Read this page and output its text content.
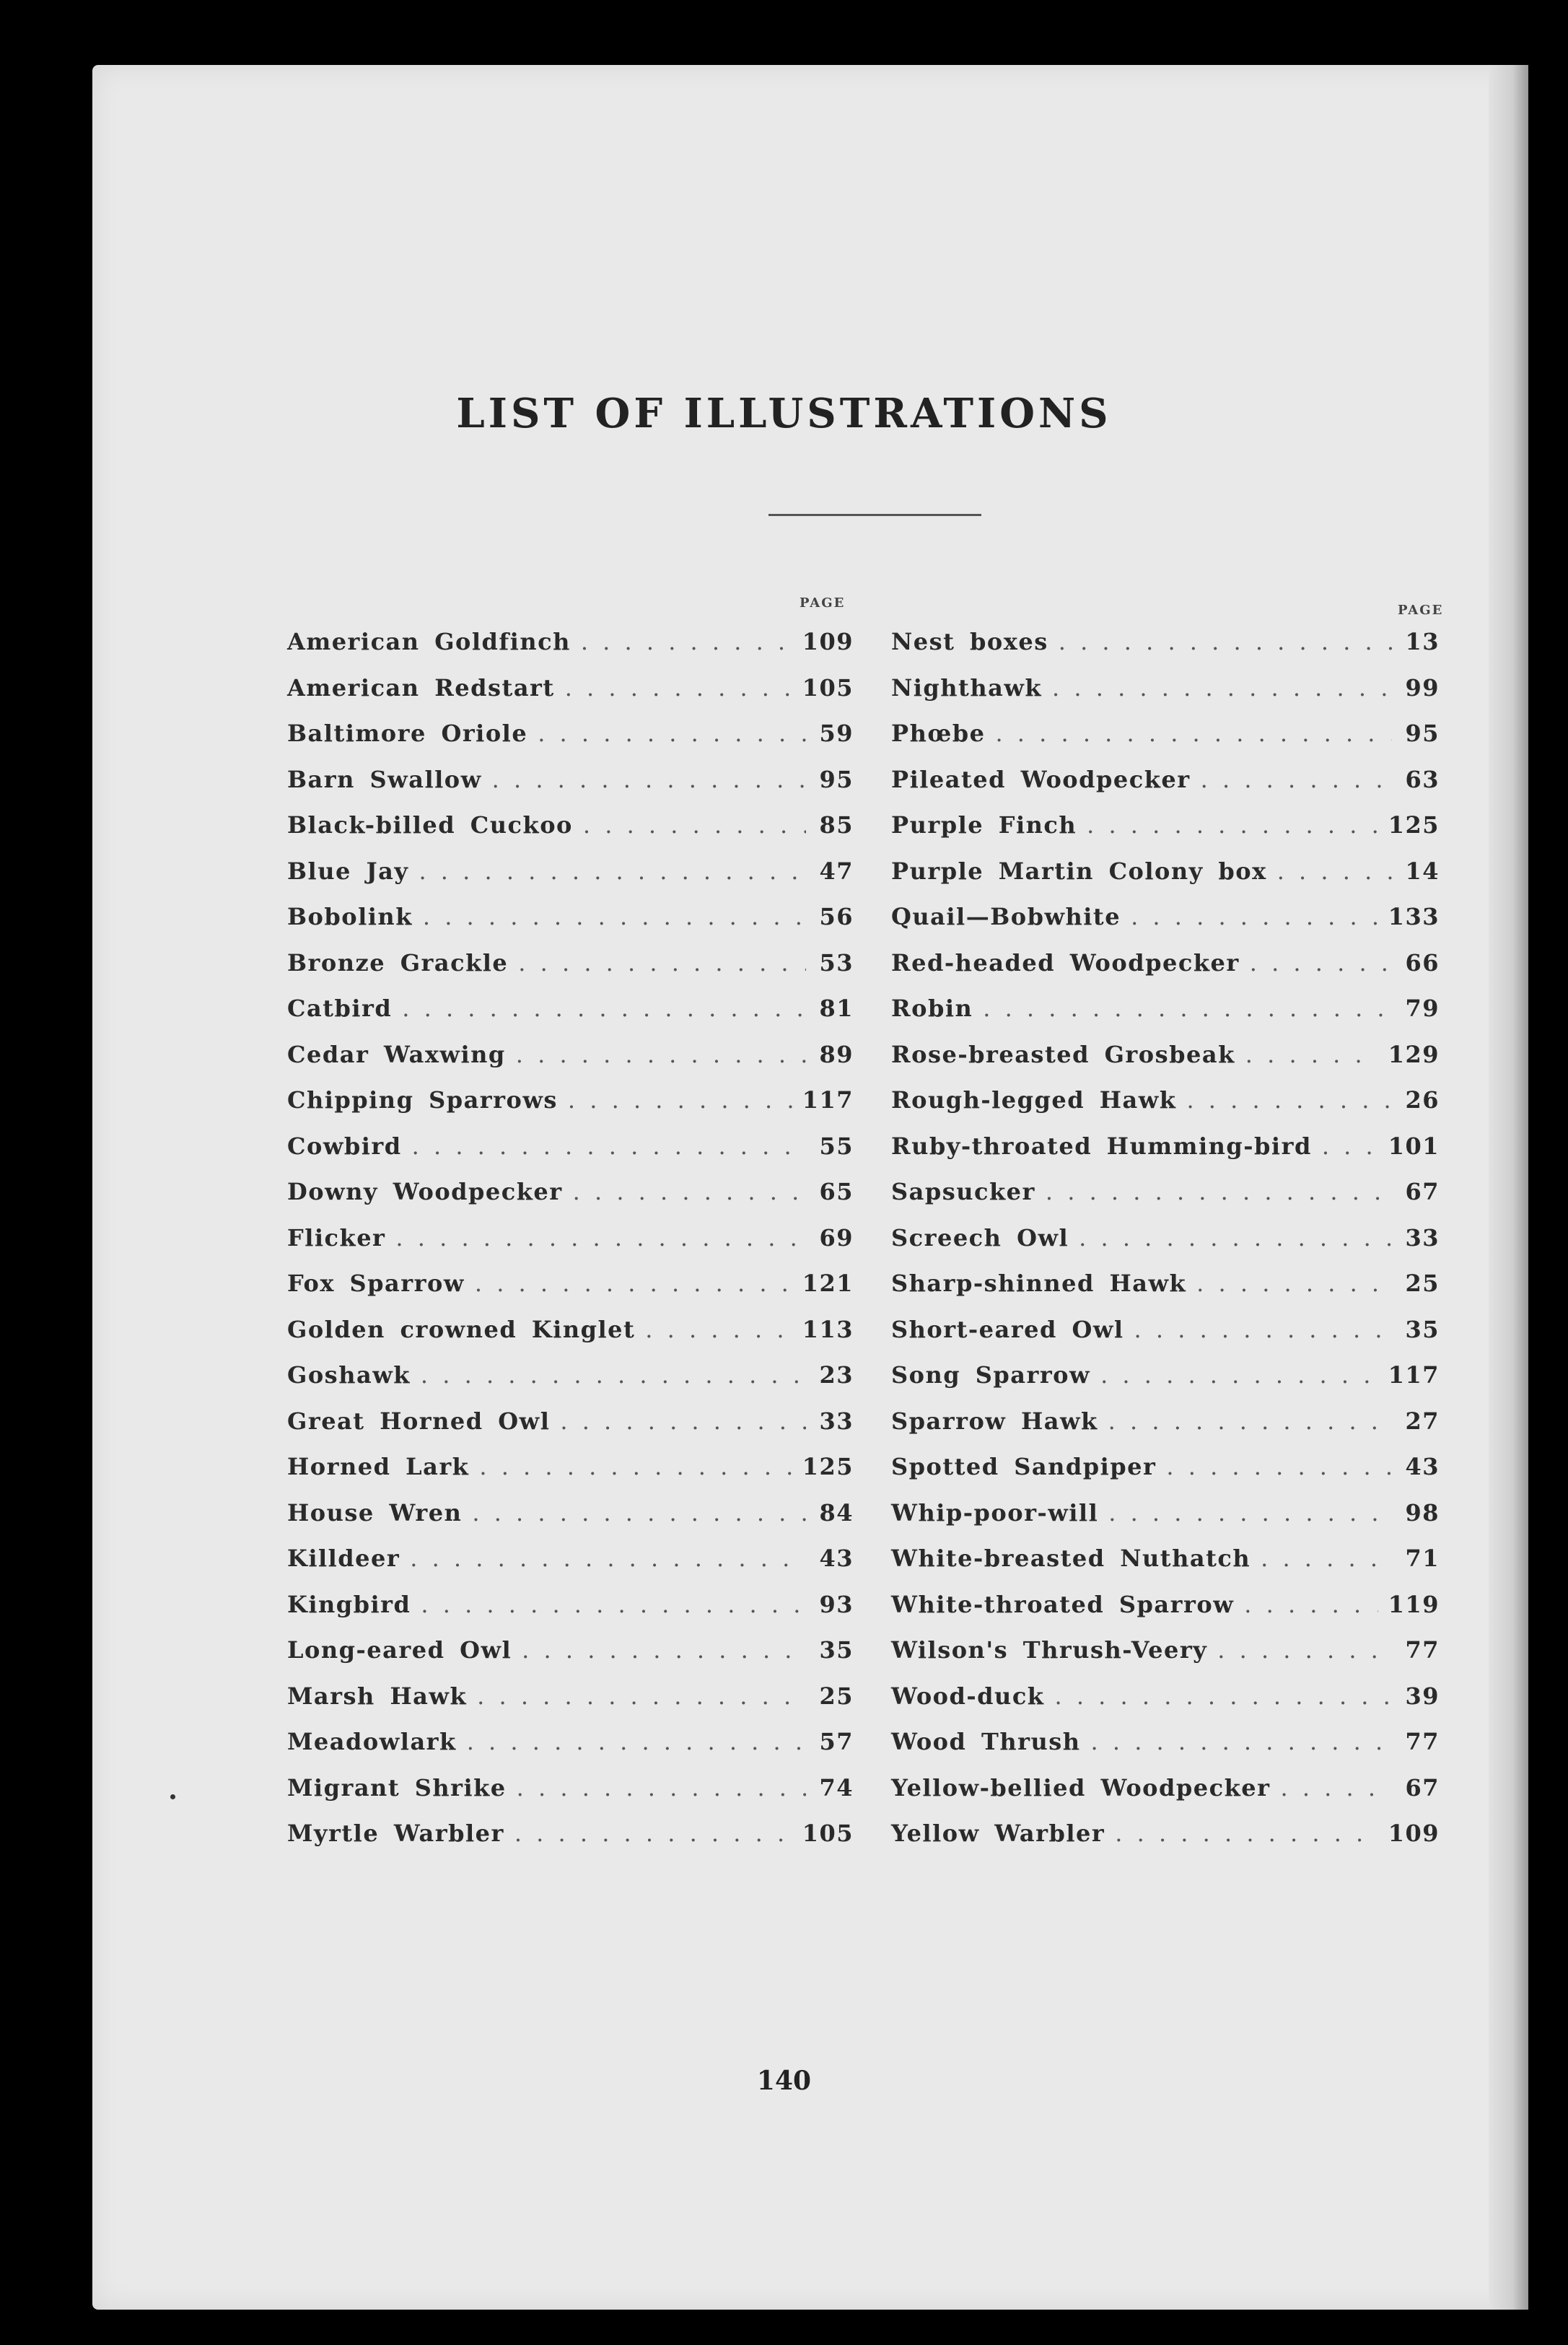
LIST OF ILLUSTRATIONS
PAGE	PAGE
American Goldfinch . . .	109
American Redstart . . .	105
Baltimore Oriole . . .	59
Barn Swallow . . .	95
Black-billed Cuckoo . . .	85
Blue Jay . . .	47
Bobolink . . .	56
Bronze Grackle . . .	53
Catbird . . .	81
Cedar Waxwing . . .	89
Chipping Sparrows . . .	117
Cowbird . . .	55
Downy Woodpecker . . .	65
Flicker . . .	69
Fox Sparrow . . .	121
Golden crowned Kinglet . . .	113
Goshawk . . .	23
Great Horned Owl . . .	33
Horned Lark . . .	125
House Wren . . .	84
Killdeer . . .	43
Kingbird . . .	93
Long-eared Owl . . .	35
Marsh Hawk . . .	25
Meadowlark . . .	57
Migrant Shrike . . .	74
Myrtle Warbler . . .	105
Nest boxes . . .	13
Nighthawk . . .	99
Phœbe . . .	95
Pileated Woodpecker . . .	63
Purple Finch . . .	125
Purple Martin Colony box . . .	14
Quail—Bobwhite . . .	133
Red-headed Woodpecker . . .	66
Robin . . .	79
Rose-breasted Grosbeak . . .	129
Rough-legged Hawk . . .	26
Ruby-throated Humming-bird . . .	101
Sapsucker . . .	67
Screech Owl . . .	33
Sharp-shinned Hawk . . .	25
Short-eared Owl . . .	35
Song Sparrow . . .	117
Sparrow Hawk . . .	27
Spotted Sandpiper . . .	43
Whip-poor-will . . .	98
White-breasted Nuthatch . . .	71
White-throated Sparrow . . .	119
Wilson's Thrush-Veery . . .	77
Wood-duck . . .	39
Wood Thrush . . .	77
Yellow-bellied Woodpecker . . .	67
Yellow Warbler . . .	109
140
